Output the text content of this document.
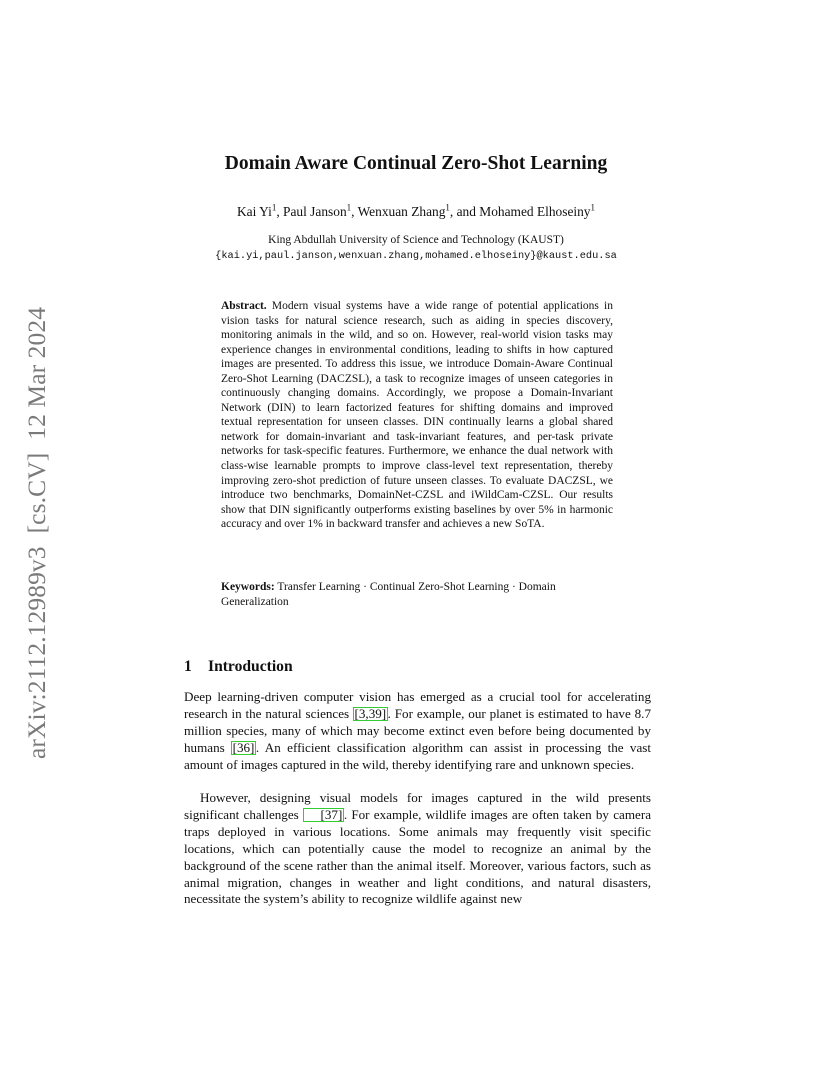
arXiv:2112.12989v3  [cs.CV]  12 Mar 2024
Domain Aware Continual Zero-Shot Learning
Kai Yi$^1$, Paul Janson$^1$, Wenxuan Zhang$^1$, and Mohamed Elhoseiny$^1$
King Abdullah University of Science and Technology (KAUST)
{kai.yi,paul.janson,wenxuan.zhang,mohamed.elhoseiny}@kaust.edu.sa

Abstract. Modern visual systems have a wide range of potential applications in vision tasks for natural science research, such as aiding in species discovery, monitoring animals in the wild, and so on. However, real-world vision tasks may experience changes in environmental conditions, leading to shifts in how captured images are presented. To address this issue, we introduce Domain-Aware Continual Zero-Shot Learning (DACZSL), a task to recognize images of unseen categories in continuously changing domains. Accordingly, we propose a Domain-Invariant Network (DIN) to learn factorized features for shifting domains and improved textual representation for unseen classes. DIN continually learns a global shared network for domain-invariant and task-invariant features, and per-task private networks for task-specific features. Furthermore, we enhance the dual network with class-wise learnable prompts to improve class-level text representation, thereby improving zero-shot prediction of future unseen classes. To evaluate DACZSL, we introduce two benchmarks, DomainNet-CZSL and iWildCam-CZSL. Our results show that DIN significantly outperforms existing baselines by over 5% in harmonic accuracy and over 1% in backward transfer and achieves a new SoTA.

Keywords: Transfer Learning · Continual Zero-Shot Learning · Domain Generalization

1 Introduction

Deep learning-driven computer vision has emerged as a crucial tool for accelerating research in the natural sciences [3,39] . For example, our planet is estimated to have 8.7 million species, many of which may become extinct even before being documented by humans [36] . An efficient classification algorithm can assist in processing the vast amount of images captured in the wild, thereby identifying rare and unknown species.

However, designing visual models for images captured in the wild presents significant challenges [37] . For example, wildlife images are often taken by camera traps deployed in various locations. Some animals may frequently visit specific locations, which can potentially cause the model to recognize an animal by the background of the scene rather than the animal itself. Moreover, various factors, such as animal migration, changes in weather and light conditions, and natural disasters, necessitate the system’s ability to recognize wildlife against new
